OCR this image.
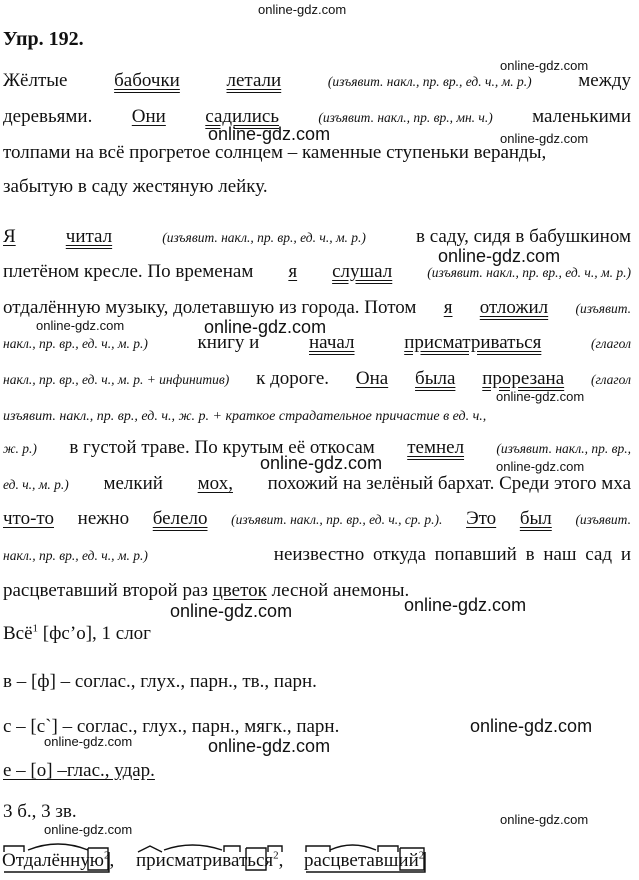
online-gdz.com
online-gdz.com
online-gdz.com	online-gdz.com
online-gdz.com
online-gdz.com	online-gdz.com
online-gdz.com
online-gdz.com	online-gdz.com
online-gdz.com	online-gdz.com
online-gdz.com
online-gdz.com	online-gdz.com
online-gdz.com
online-gdz.com
Упр. 192.
Жёлтые бабочки летали	(изъявит. накл., пр. вр., ед. ч., м. р.) между
деревьями. Они садились	(изъявит. накл., пр. вр., мн. ч.) маленькими
толпами на всё прогретое солнцем – каменные ступеньки веранды,
забытую в саду жестяную лейку.
Я	читал	(изъявит. накл., пр. вр., ед. ч., м. р.)	в саду, сидя в бабушкином
плетёном кресле. По временам я слушал	(изъявит. накл., пр. вр., ед. ч., м. р.)
отдалённую музыку, долетавшую из города. Потом я отложил (изъявит.
накл., пр. вр., ед. ч., м. р.)	книгу и	начал	присматриваться	(глагол
накл., пр. вр., ед. ч., м. р. + инфинитив) к дороге. Она была прорезана (глагол
изъявит. накл., пр. вр., ед. ч., ж. р. + краткое страдательное причастие в ед. ч.,
ж. р.) в густой траве. По крутым её откосам темнел (изъявит. накл., пр. вр.,
ед. ч., м. р.) мелкий мох, похожий на зелёный бархат. Среди этого мха
что-то нежно белело (изъявит. накл., пр. вр., ед. ч., ср. р.). Это был (изъявит.
накл., пр. вр., ед. ч., м. р.)	неизвестно откуда попавший в наш сад и
расцветавший второй раз цветок лесной анемоны.
Всё$^1$ [фс’о], 1 слог
в – [ф] – соглас., глух., парн., тв., парн.
с – [с`] – соглас., глух., парн., мягк., парн.
е – [о] –глас., удар.
3 б., 3 зв.
Отдалённую$^2$, присматриваться$^2$, расцветавший$^2$
